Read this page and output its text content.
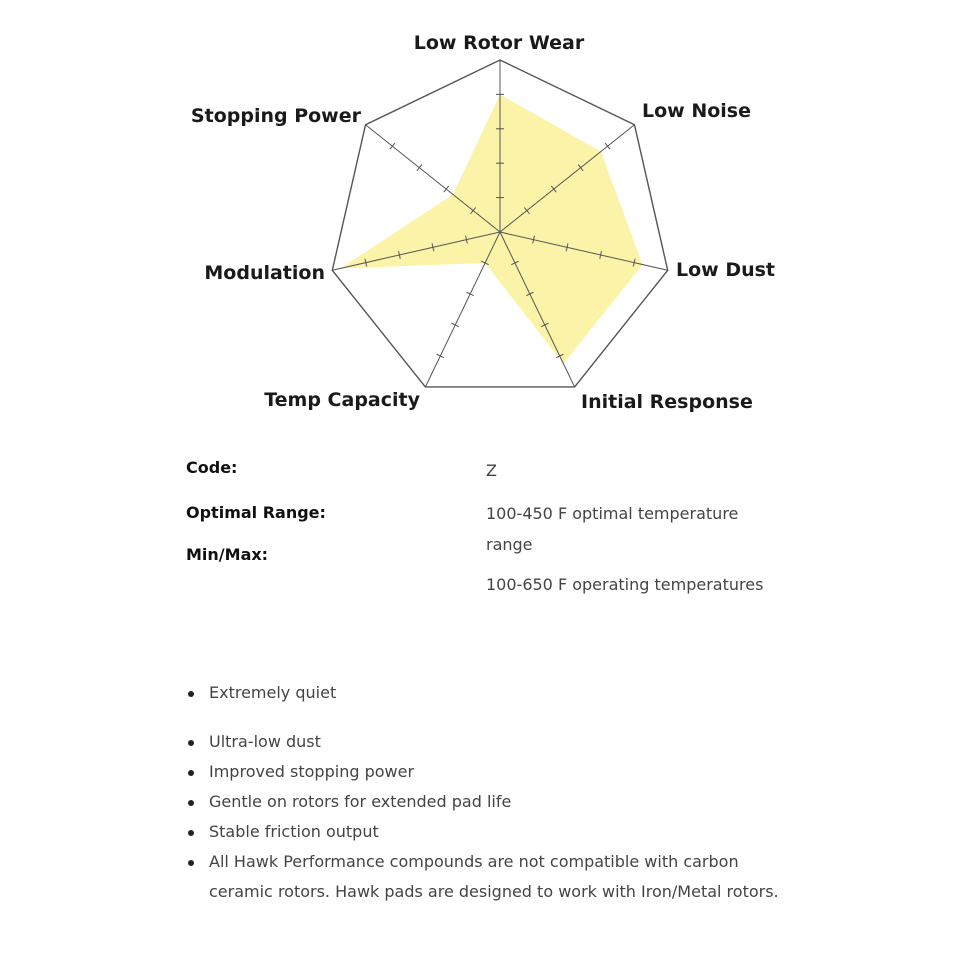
Low Rotor Wear
Low Noise
Low Dust
Initial Response
Temp Capacity
Modulation
Stopping Power
Code:	Z
Optimal Range:	100-450 F optimal temperature range
Min/Max:
100-650 F operating temperatures
Extremely quiet
Ultra-low dust
Improved stopping power
Gentle on rotors for extended pad life
Stable friction output
All Hawk Performance compounds are not compatible with carbon ceramic rotors. Hawk pads are designed to work with Iron/Metal rotors.
